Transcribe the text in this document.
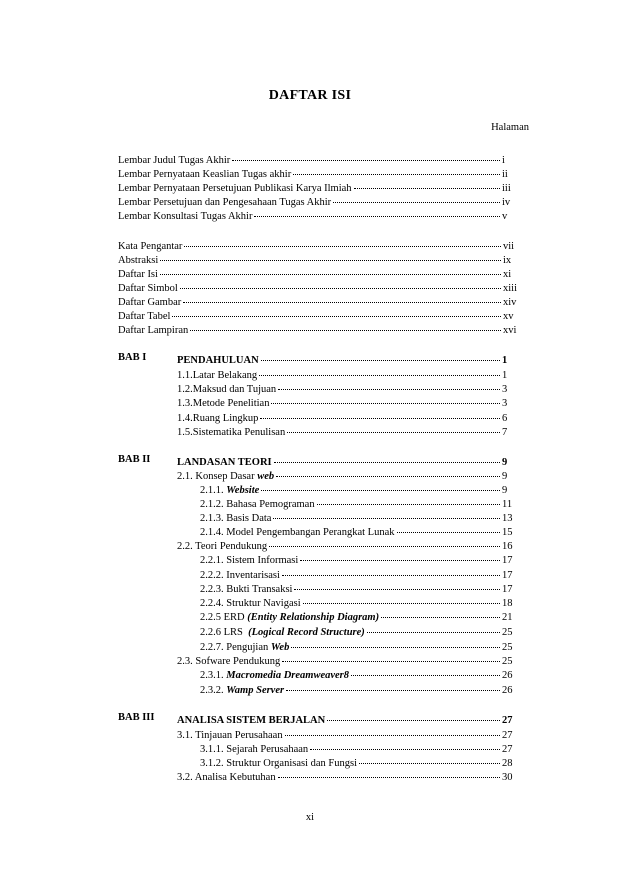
DAFTAR ISI
Halaman
Lembar Judul Tugas Akhir	i
Lembar Pernyataan Keaslian Tugas akhir	ii
Lembar Pernyataan Persetujuan Publikasi Karya Ilmiah	iii
Lembar Persetujuan dan Pengesahaan Tugas Akhir	iv
Lembar Konsultasi Tugas Akhir	v
Kata Pengantar	vii
Abstraksi	ix
Daftar Isi	xi
Daftar Simbol	xiii
Daftar Gambar	xiv
Daftar Tabel	xv
Daftar Lampiran	xvi
BAB I	PENDAHULUAN	1
1.1.Latar Belakang	1
1.2.Maksud dan Tujuan	3
1.3.Metode Penelitian	3
1.4.Ruang Lingkup	6
1.5.Sistematika Penulisan	7
BAB II	LANDASAN TEORI	9
2.1. Konsep Dasar web	9
2.1.1. Website	9
2.1.2. Bahasa Pemograman	11
2.1.3. Basis Data	13
2.1.4. Model Pengembangan Perangkat Lunak	15
2.2. Teori Pendukung	16
2.2.1. Sistem Informasi	17
2.2.2. Inventarisasi	17
2.2.3. Bukti Transaksi	17
2.2.4. Struktur Navigasi	18
2.2.5 ERD (Entity Relationship Diagram)	21
2.2.6 LRS  (Logical Record Structure)	25
2.2.7. Pengujian Web	25
2.3. Sofware Pendukung	25
2.3.1. Macromedia Dreamweaver8	26
2.3.2. Wamp Server	26
BAB III ANALISA SISTEM BERJALAN	27
3.1. Tinjauan Perusahaan	27
3.1.1. Sejarah Perusahaan	27
3.1.2. Struktur Organisasi dan Fungsi	28
3.2. Analisa Kebutuhan	30
xi
